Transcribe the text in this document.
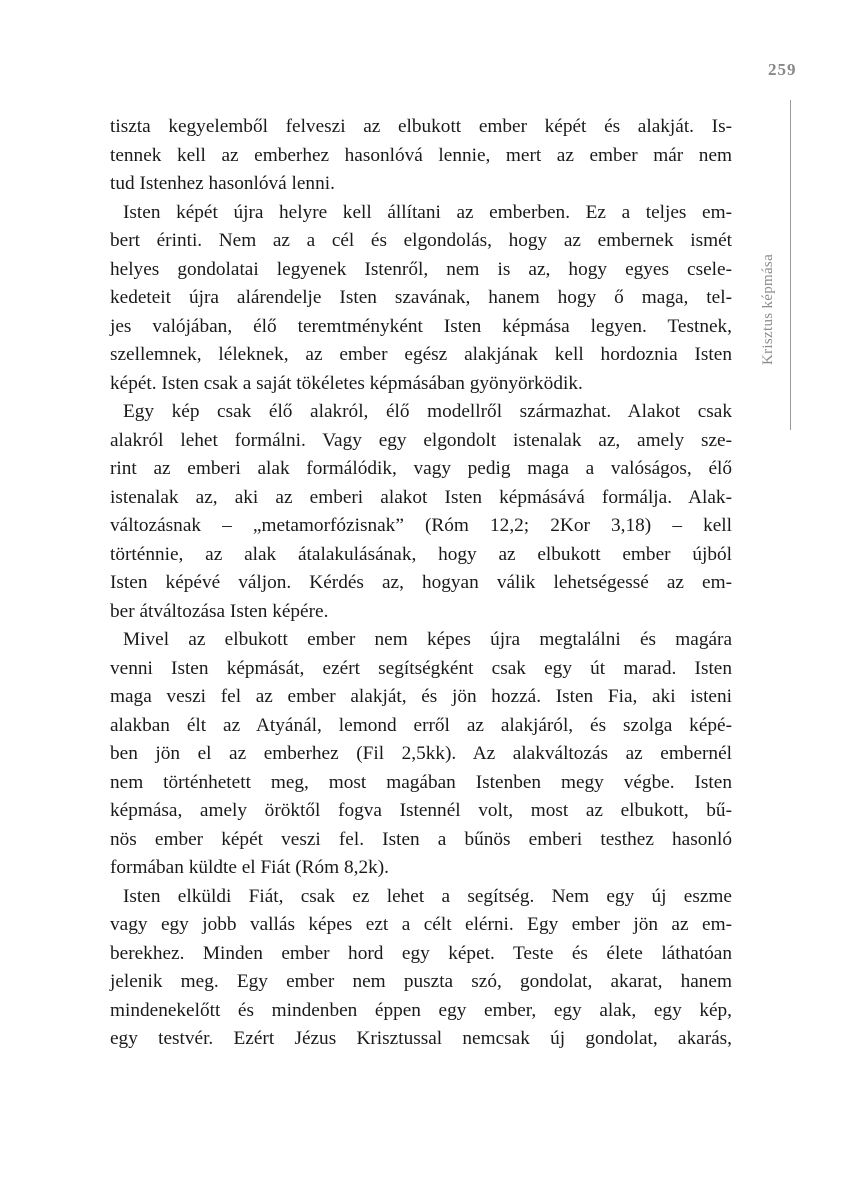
259
Krisztus képmása
tiszta kegyelemből felveszi az elbukott ember képét és alakját. Is-
tennek kell az emberhez hasonlóvá lennie, mert az ember már nem
tud Istenhez hasonlóvá lenni.
Isten képét újra helyre kell állítani az emberben. Ez a teljes em-
bert érinti. Nem az a cél és elgondolás, hogy az embernek ismét
helyes gondolatai legyenek Istenről, nem is az, hogy egyes csele-
kedeteit újra alárendelje Isten szavának, hanem hogy ő maga, tel-
jes valójában, élő teremtményként Isten képmása legyen. Testnek,
szellemnek, léleknek, az ember egész alakjának kell hordoznia Isten
képét. Isten csak a saját tökéletes képmásában gyönyörködik.
Egy kép csak élő alakról, élő modellről származhat. Alakot csak
alakról lehet formálni. Vagy egy elgondolt istenalak az, amely sze-
rint az emberi alak formálódik, vagy pedig maga a valóságos, élő
istenalak az, aki az emberi alakot Isten képmásává formálja. Alak-
változásnak – „metamorfózisnak” (Róm 12,2; 2Kor 3,18) – kell
történnie, az alak átalakulásának, hogy az elbukott ember újból
Isten képévé váljon. Kérdés az, hogyan válik lehetségessé az em-
ber átváltozása Isten képére.
Mivel az elbukott ember nem képes újra megtalálni és magára
venni Isten képmását, ezért segítségként csak egy út marad. Isten
maga veszi fel az ember alakját, és jön hozzá. Isten Fia, aki isteni
alakban élt az Atyánál, lemond erről az alakjáról, és szolga képé-
ben jön el az emberhez (Fil 2,5kk). Az alakváltozás az embernél
nem történhetett meg, most magában Istenben megy végbe. Isten
képmása, amely öröktől fogva Istennél volt, most az elbukott, bű-
nös ember képét veszi fel. Isten a bűnös emberi testhez hasonló
formában küldte el Fiát (Róm 8,2k).
Isten elküldi Fiát, csak ez lehet a segítség. Nem egy új eszme
vagy egy jobb vallás képes ezt a célt elérni. Egy ember jön az em-
berekhez. Minden ember hord egy képet. Teste és élete láthatóan
jelenik meg. Egy ember nem puszta szó, gondolat, akarat, hanem
mindenekelőtt és mindenben éppen egy ember, egy alak, egy kép,
egy testvér. Ezért Jézus Krisztussal nemcsak új gondolat, akarás,
